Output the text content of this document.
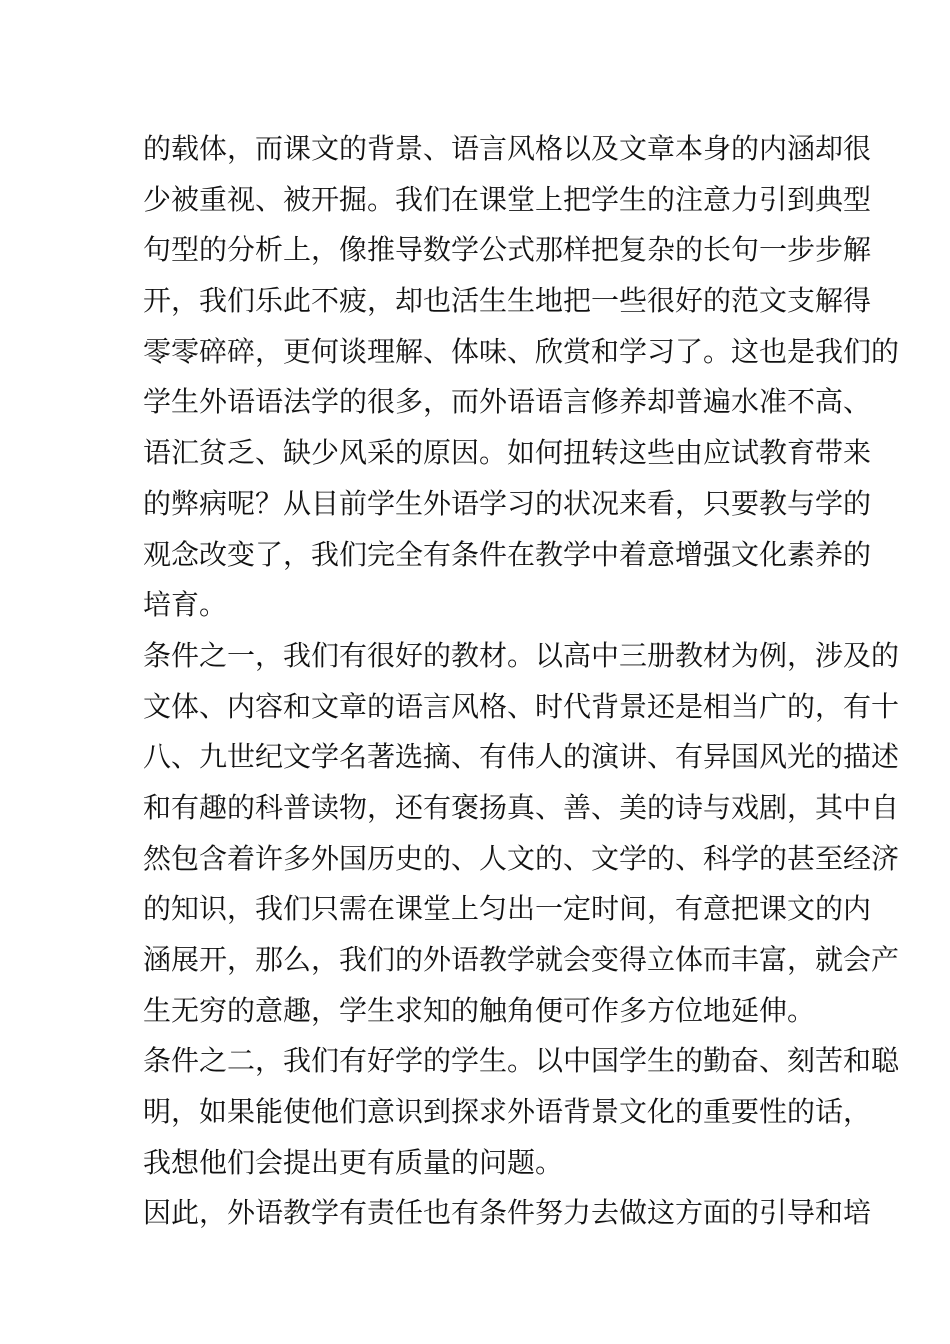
的载体，而课文的背景、语言风格以及文章本身的内涵却很
少被重视、被开掘。我们在课堂上把学生的注意力引到典型
句型的分析上，像推导数学公式那样把复杂的长句一步步解
开，我们乐此不疲，却也活生生地把一些很好的范文支解得
零零碎碎，更何谈理解、体味、欣赏和学习了。这也是我们的
学生外语语法学的很多，而外语语言修养却普遍水准不高、
语汇贫乏、缺少风采的原因。如何扭转这些由应试教育带来
的弊病呢？从目前学生外语学习的状况来看，只要教与学的
观念改变了，我们完全有条件在教学中着意增强文化素养的
培育。
条件之一，我们有很好的教材。以高中三册教材为例，涉及的
文体、内容和文章的语言风格、时代背景还是相当广的，有十
八、九世纪文学名著选摘、有伟人的演讲、有异国风光的描述
和有趣的科普读物，还有褒扬真、善、美的诗与戏剧，其中自
然包含着许多外国历史的、人文的、文学的、科学的甚至经济
的知识，我们只需在课堂上匀出一定时间，有意把课文的内
涵展开，那么，我们的外语教学就会变得立体而丰富，就会产
生无穷的意趣，学生求知的触角便可作多方位地延伸。
条件之二，我们有好学的学生。以中国学生的勤奋、刻苦和聪
明，如果能使他们意识到探求外语背景文化的重要性的话，
我想他们会提出更有质量的问题。
因此，外语教学有责任也有条件努力去做这方面的引导和培
